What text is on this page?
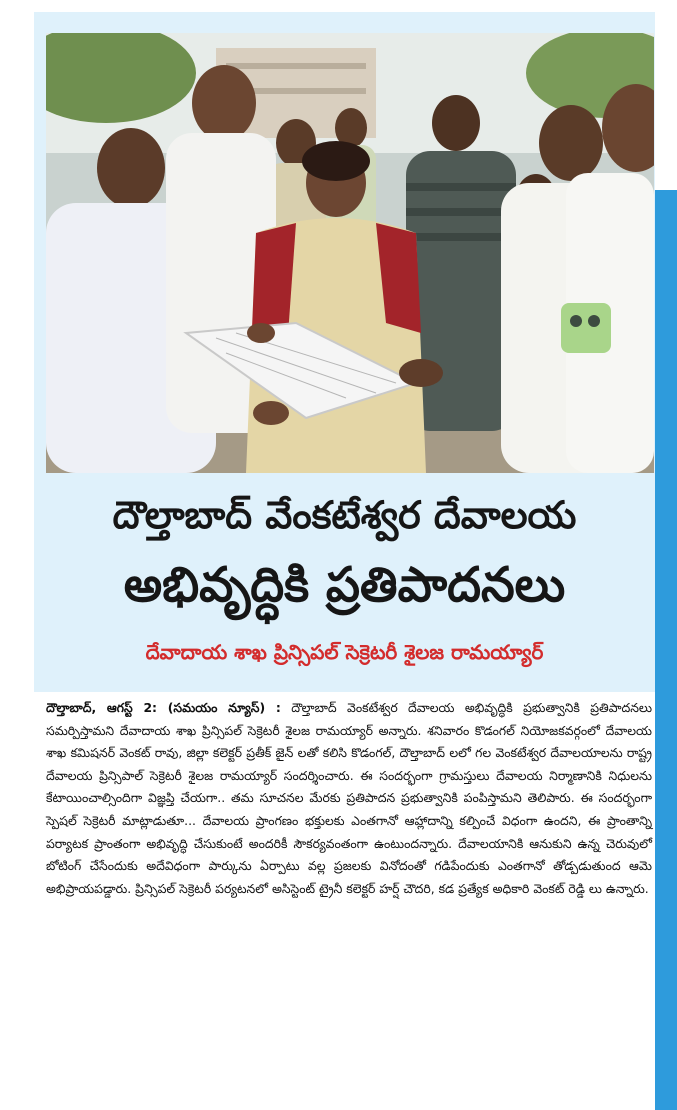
దౌల్తాబాద్ వేంకటేశ్వర దేవాలయ
అభివృద్ధికి ప్రతిపాదనలు
దేవాదాయ శాఖ ప్రిన్సిపల్ సెక్రెటరీ శైలజ రామయ్యార్

దౌల్తాబాద్, ఆగస్ట్ 2: (సమయం న్యూస్) : దౌల్తాబాద్ వెంకటేశ్వర దేవాలయ అభివృద్ధికి ప్రభుత్వానికి ప్రతిపాదనలు సమర్పిస్తామని దేవాదాయ శాఖ ప్రిన్సిపల్ సెక్రెటరీ శైలజ రామయ్యార్ అన్నారు. శనివారం కొడంగల్ నియోజకవర్గంలో దేవాలయ శాఖ కమిషనర్ వెంకట్ రావు, జిల్లా కలెక్టర్ ప్రతీక్ జైన్ లతో కలిసి కొడంగల్, దౌల్తాబాద్ లలో గల వెంకటేశ్వర దేవాలయాలను రాష్ట్ర దేవాలయ ప్రిన్సిపాల్ సెక్రెటరీ శైలజ రామయ్యార్ సందర్శించారు. ఈ సందర్భంగా గ్రామస్తులు దేవాలయ నిర్మాణానికి నిధులను కేటాయించాల్సిందిగా విజ్ఞప్తి చేయగా.. తమ సూచనల మేరకు ప్రతిపాదన ప్రభుత్వానికి పంపిస్తామని తెలిపారు. ఈ సందర్భంగా స్పెషల్ సెక్రెటరీ మాట్లాడుతూ... దేవాలయ ప్రాంగణం భక్తులకు ఎంతగానో ఆహ్లాదాన్ని కల్పించే విధంగా ఉందని, ఈ ప్రాంతాన్ని పర్యాటక ప్రాంతంగా అభివృద్ధి చేసుకుంటే అందరికీ సౌకర్యవంతంగా ఉంటుందన్నారు. దేవాలయానికి ఆనుకుని ఉన్న చెరువులో బోటింగ్ చేసేందుకు అదేవిధంగా పార్కును ఏర్పాటు వల్ల ప్రజలకు వినోదంతో గడిపేందుకు ఎంతగానో తోడ్పడుతుంద ఆమె అభిప్రాయపడ్డారు. ప్రిన్సిపల్ సెక్రెటరీ పర్యటనలో అసిస్టెంట్ ట్రైనీ కలెక్టర్ హర్ష్ చౌదరి, కడ ప్రత్యేక అధికారి వెంకట్ రెడ్డి లు ఉన్నారు.
